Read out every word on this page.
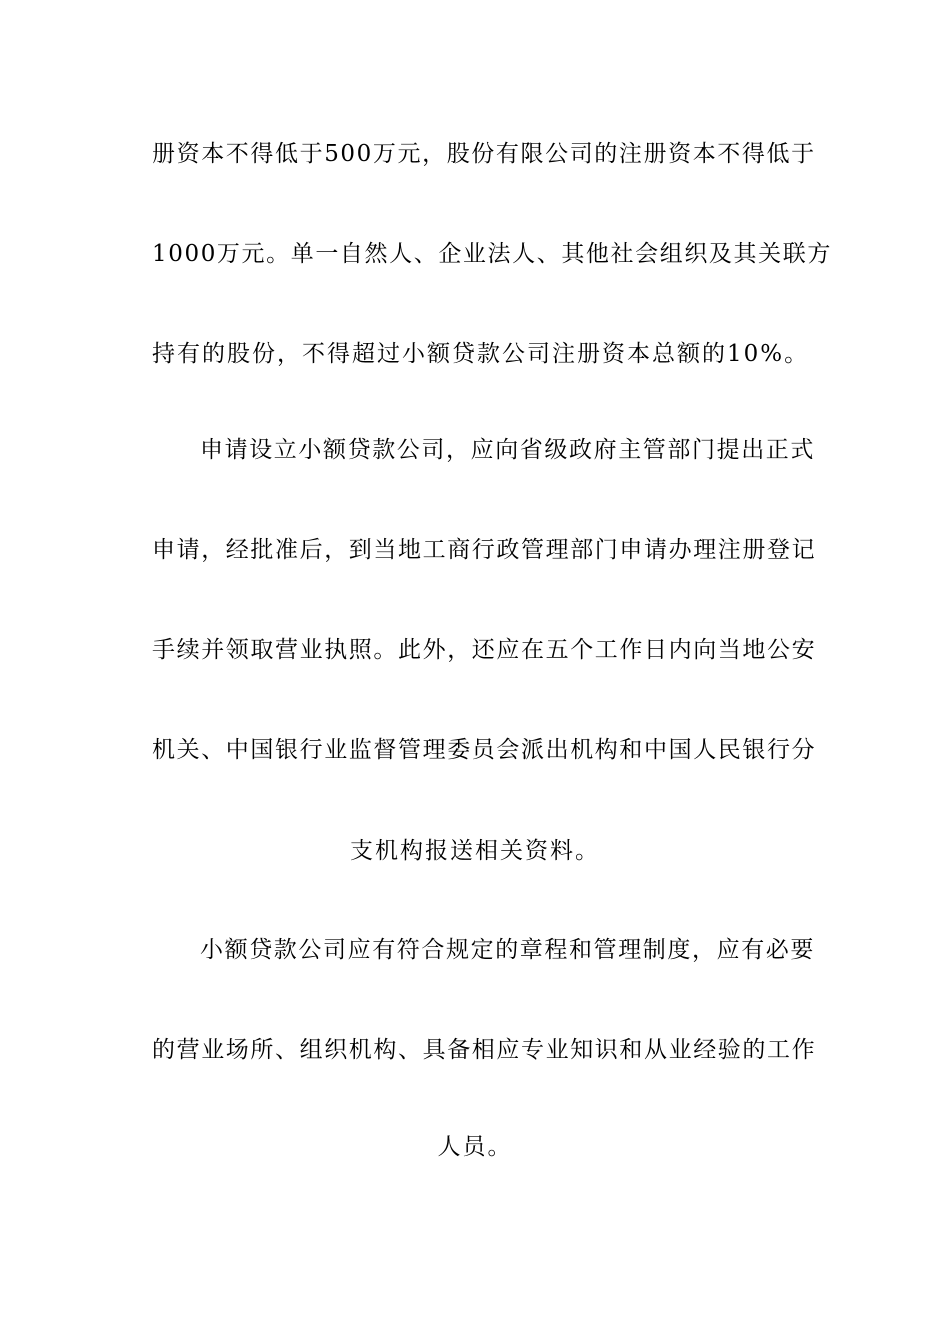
册资本不得低于500万元，股份有限公司的注册资本不得低于
1000万元。单一自然人、企业法人、其他社会组织及其关联方
持有的股份，不得超过小额贷款公司注册资本总额的10%。
申请设立小额贷款公司，应向省级政府主管部门提出正式
申请，经批准后，到当地工商行政管理部门申请办理注册登记
手续并领取营业执照。此外，还应在五个工作日内向当地公安
机关、中国银行业监督管理委员会派出机构和中国人民银行分
支机构报送相关资料。
小额贷款公司应有符合规定的章程和管理制度，应有必要
的营业场所、组织机构、具备相应专业知识和从业经验的工作
人员。
